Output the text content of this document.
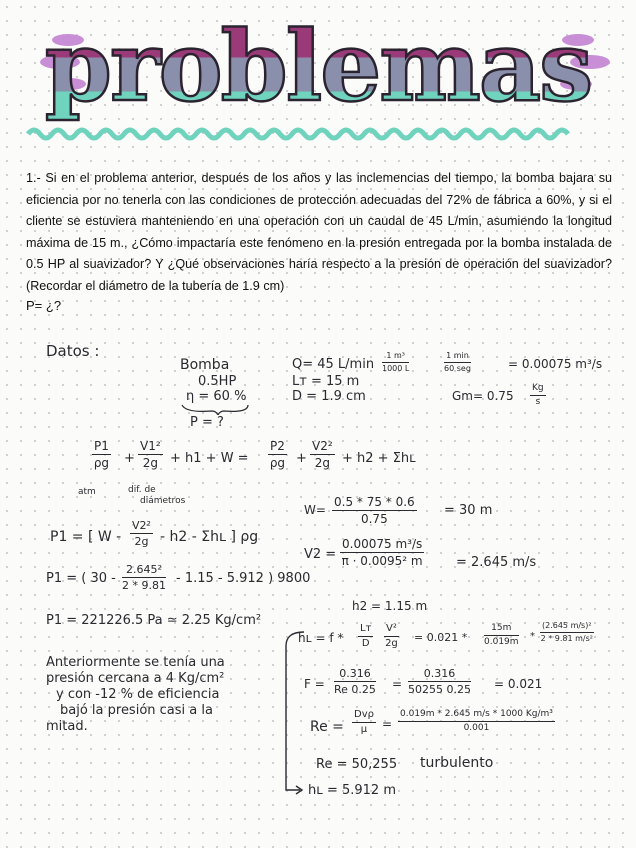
problemas

1.- Si en el problema anterior, después de los años y las inclemencias del tiempo, la bomba bajara su eficiencia por no tenerla con las condiciones de protección adecuadas del 72% de fábrica a 60%, y si el cliente se estuviera manteniendo en una operación con un caudal de 45 L/min, asumiendo la longitud máxima de 15 m., ¿Cómo impactaría este fenómeno en la presión entregada por la bomba instalada de 0.5 HP al suavizador? Y ¿Qué observaciones haría respecto a la presión de operación del suavizador? (Recordar el diámetro de la tubería de 1.9 cm)

P= ¿?
Datos :
Bomba
0.5HP
η = 60 %
P = ?
Q= 45 $L/\min \frac{\text{1 m³}}{1000 L}$	1 min
60 seg	= 0.00075 m³/s
Lт = 15 m
D = 1.9 cm	$Gm= 0.75 \frac{Kg}{s}$
$\frac{P1}{\rho g} + \frac{\text{V1²}}{2g} + h1 + W = \frac{P2}{\rho g} + \frac{\text{V2²}}{2g} + h2$ + Σhʟ
atm	dif. de
diámetros
$W= \frac{0.5 * 75 * 0.6}{0.75} = 30$ m
P1 = [ W - $\frac{\text{V2²}}{2g} - h2$ - Σhʟ ] ρg
$V2 = \frac{\text{0.00075 m³/s}}{\text{π · 0.0095² m}} = 2.645$ m/s
P1 = ( $30 - \frac{\text{2.645²}}{2 * 9.81} - 1.15 - 5.912$ ) 9800
h2 = 1.15 m
P1 = 221226.5 Pa ≃ 2.25 Kg/cm²
Anteriormente se tenía una
presión cercana a 4 Kg/cm²
y con -12 % de eficiencia
bajó la presión casi a la
mitad.
hʟ = f *
Lт
D	$\frac{\text{V²}}{2g} = 0.021 * \frac{15m}{0.019m} * \frac{\text{(2.645 m/s)²}}{\text{2 * 9.81 m/s²}}$
$F = \frac{0.316}{Re 0.25} = \frac{0.316}{50255 0.25} = 0.021$
Re =
Dvρ
μ	= $\frac{\text{0.019m * 2.645 m/s * 1000 Kg/m³}}{0.001}$
Re = 50,255 turbulento
hʟ = 5.912 m
